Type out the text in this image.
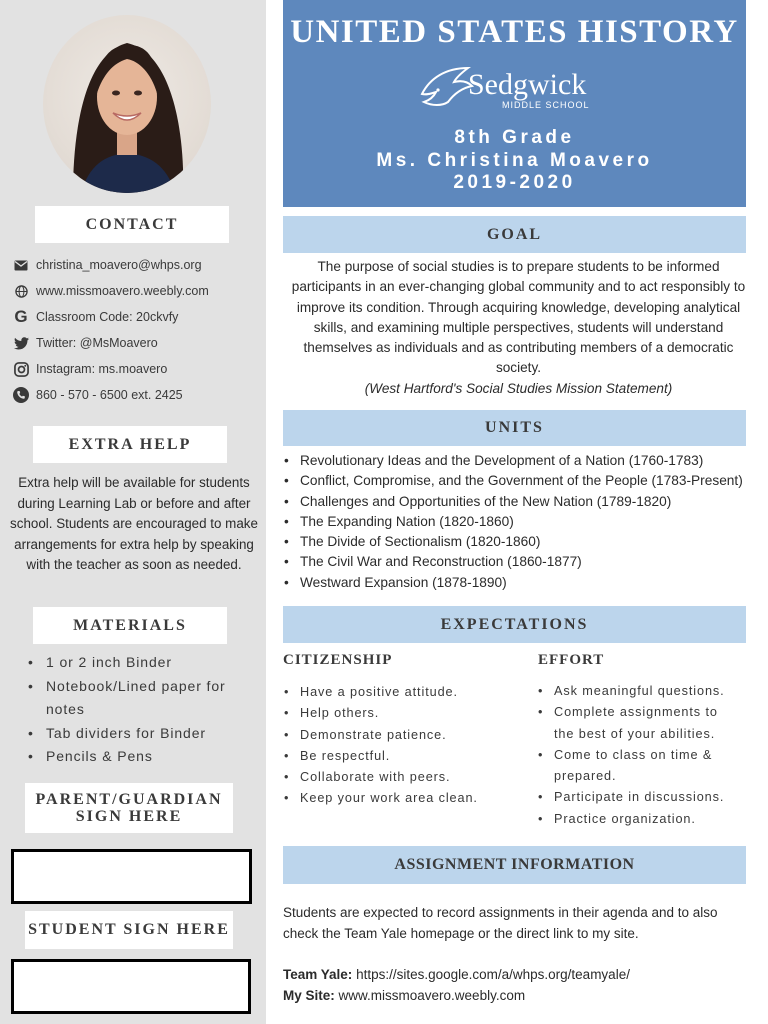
CONTACT
christina_moavero@whps.org
www.missmoavero.weebly.com
G Classroom Code: 20ckvfy
Twitter: @MsMoavero
Instagram: ms.moavero
860 - 570 - 6500 ext. 2425
EXTRA HELP
Extra help will be available for students during Learning Lab or before and after school. Students are encouraged to make arrangements for extra help by speaking with the teacher as soon as needed.
MATERIALS
• 1 or 2 inch Binder
• Notebook/Lined paper for notes
• Tab dividers for Binder
• Pencils & Pens
PARENT/GUARDIAN
SIGN HERE
STUDENT SIGN HERE
UNITED STATES HISTORY
Sedgwick
MIDDLE SCHOOL
8th Grade
Ms. Christina Moavero
2019-2020
GOAL
The purpose of social studies is to prepare students to be informed participants in an ever-changing global community and to act responsibly to improve its condition. Through acquiring knowledge, developing analytical skills, and examining multiple perspectives, students will understand themselves as individuals and as contributing members of a democratic society.
(West Hartford's Social Studies Mission Statement)
UNITS
• Revolutionary Ideas and the Development of a Nation (1760-1783)
• Conflict, Compromise, and the Government of the People (1783-Present)
• Challenges and Opportunities of the New Nation (1789-1820)
• The Expanding Nation (1820-1860)
• The Divide of Sectionalism (1820-1860)
• The Civil War and Reconstruction (1860-1877)
• Westward Expansion (1878-1890)
EXPECTATIONS
CITIZENSHIP
• Have a positive attitude.
• Help others.
• Demonstrate patience.
• Be respectful.
• Collaborate with peers.
• Keep your work area clean.
EFFORT
• Ask meaningful questions.
• Complete assignments to the best of your abilities.
• Come to class on time & prepared.
• Participate in discussions.
• Practice organization.
ASSIGNMENT INFORMATION
Students are expected to record assignments in their agenda and to also check the Team Yale homepage or the direct link to my site.
Team Yale: https://sites.google.com/a/whps.org/teamyale/
My Site: www.missmoavero.weebly.com
